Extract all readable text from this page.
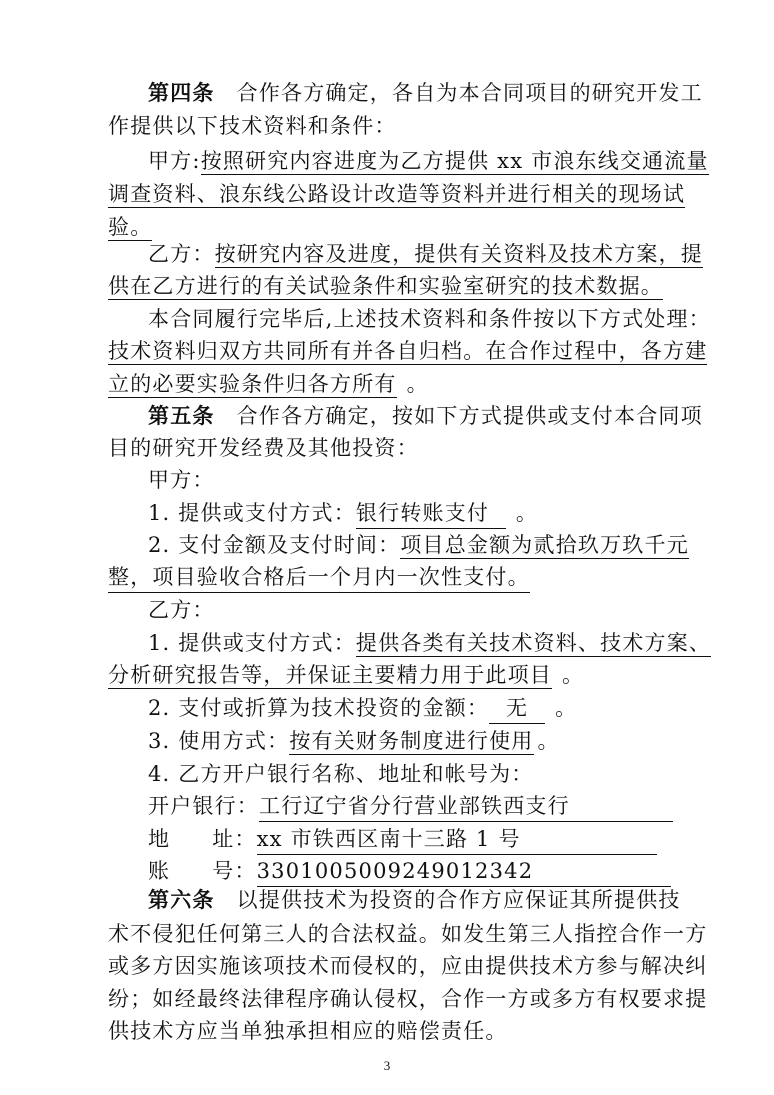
第四条 合作各方确定，各自为本合同项目的研究开发工
作提供以下技术资料和条件：
甲方:按照研究内容进度为乙方提供 xx 市浪东线交通流量
调查资料、浪东线公路设计改造等资料并进行相关的现场试
验。
乙方：按研究内容及进度，提供有关资料及技术方案，提
供在乙方进行的有关试验条件和实验室研究的技术数据。
本合同履行完毕后,上述技术资料和条件按以下方式处理：
技术资料归双方共同所有并各自归档。在合作过程中，各方建
立的必要实验条件归各方所有 。
第五条 合作各方确定，按如下方式提供或支付本合同项
目的研究开发经费及其他投资：
甲方：
1. 提供或支付方式：银行转账支付 。
2. 支付金额及支付时间：项目总金额为贰拾玖万玖千元
整，项目验收合格后一个月内一次性支付。
乙方：
1. 提供或支付方式：提供各类有关技术资料、技术方案、
分析研究报告等，并保证主要精力用于此项目 。
2. 支付或折算为技术投资的金额： 无 。
3. 使用方式：按有关财务制度进行使用 。
4. 乙方开户银行名称、地址和帐号为：
开户银行：工行辽宁省分行营业部铁西支行
地 址：xx 市铁西区南十三路 1 号
账 号：3301005009249012342
第六条 以提供技术为投资的合作方应保证其所提供技
术不侵犯任何第三人的合法权益。如发生第三人指控合作一方
或多方因实施该项技术而侵权的，应由提供技术方参与解决纠
纷；如经最终法律程序确认侵权，合作一方或多方有权要求提
供技术方应当单独承担相应的赔偿责任。
3
